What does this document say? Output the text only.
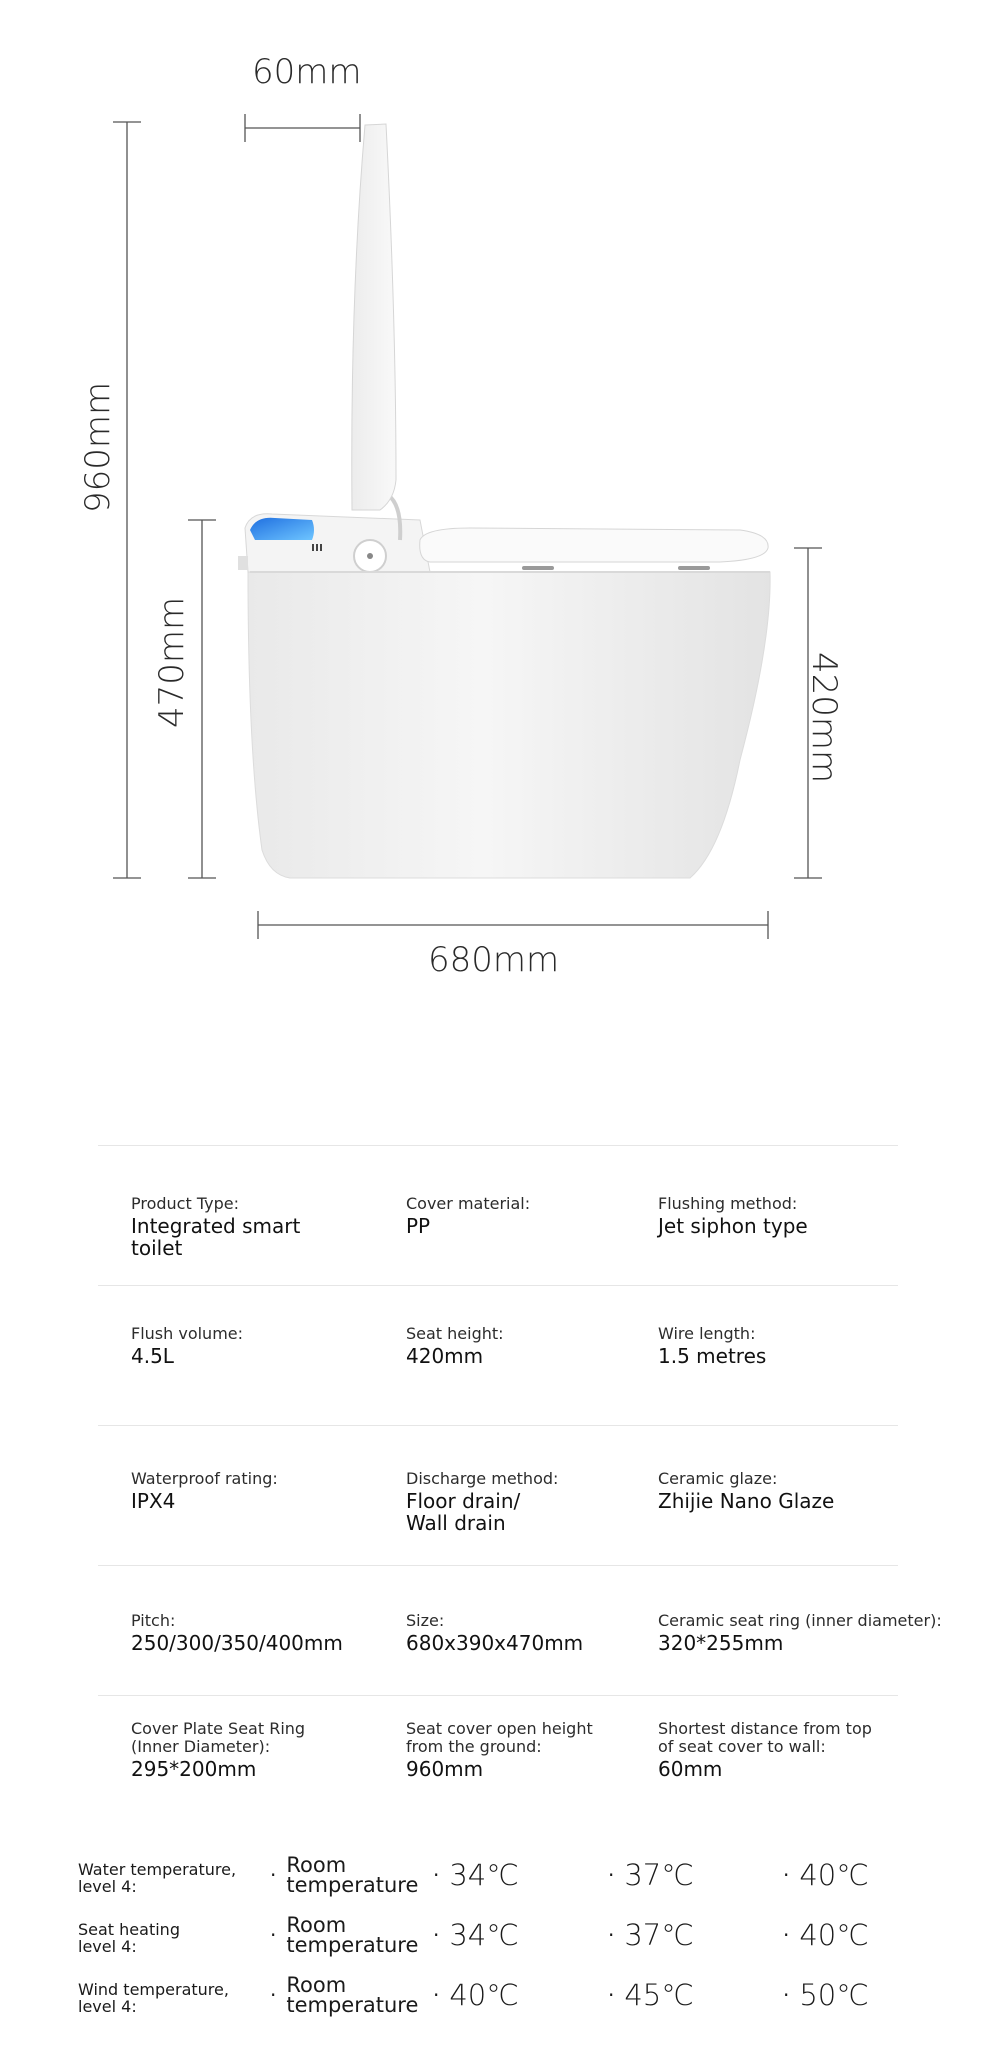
60mm
960mm
470mm	420mm
680mm
Product Type:
Integrated smart
toilet
Cover material:
PP
Flushing method:
Jet siphon type
Flush volume:
4.5L
Seat height:
420mm
Wire length:
1.5 metres
Waterproof rating:
IPX4
Discharge method:
Floor drain/
Wall drain
Ceramic glaze:
Zhijie Nano Glaze
Pitch:
250/300/350/400mm
Size:
680x390x470mm
Ceramic seat ring (inner diameter):
320*255mm
Cover Plate Seat Ring
(Inner Diameter):
295*200mm
Seat cover open height
from the ground:
960mm
Shortest distance from top
of seat cover to wall:
60mm
Water temperature,
level 4:	· Room
temperature · 34℃	· 37℃	· 40℃
Seat heating
level 4:	· Room
temperature · 34℃	· 37℃	· 40℃
Wind temperature,
level 4:	· Room
temperature · 40℃	· 45℃	· 50℃
